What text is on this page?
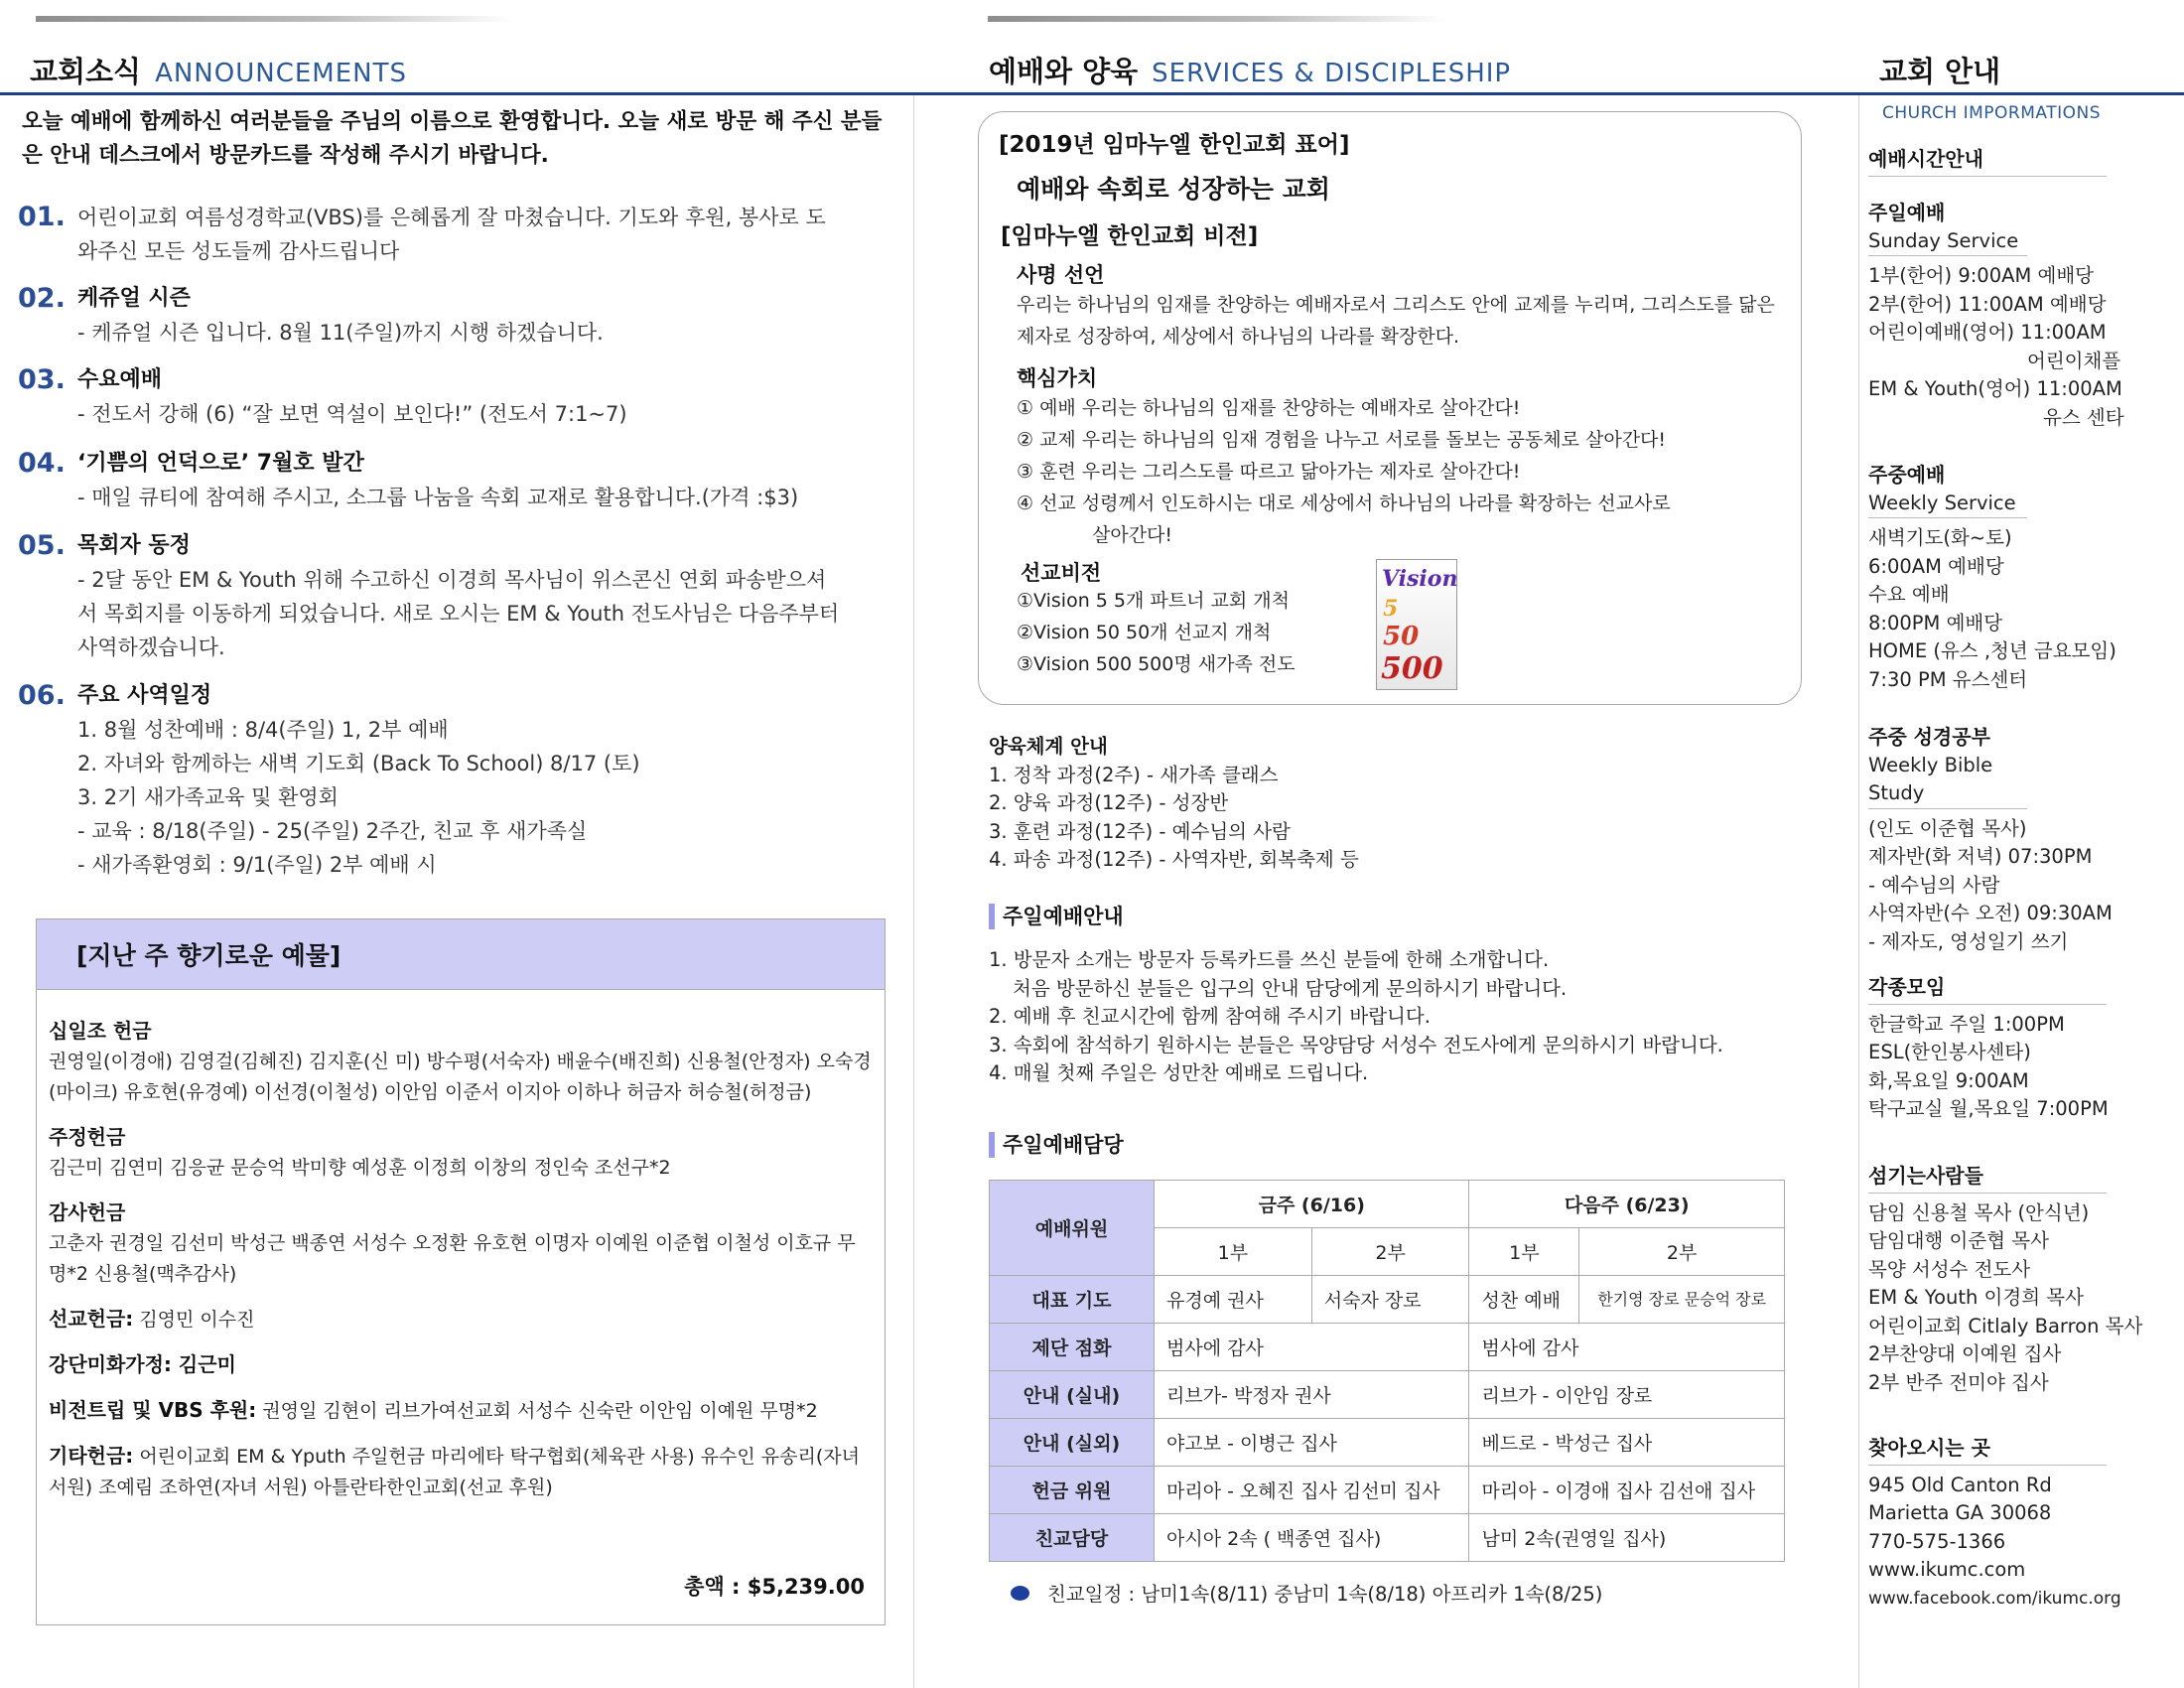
교회소식 ANNOUNCEMENTS	예배와 양육 SERVICES & DISCIPLESHIP	교회 안내
CHURCH IMPORMATIONS
오늘 예배에 함께하신 여러분들을 주님의 이름으로 환영합니다. 오늘 새로 방문 해 주신 분들은 안내 데스크에서 방문카드를 작성해 주시기 바랍니다.
01. 어린이교회 여름성경학교(VBS)를 은혜롭게 잘 마쳤습니다. 기도와 후원, 봉사로 도
와주신 모든 성도들께 감사드립니다
02. 케쥬얼 시즌
- 케쥬얼 시즌 입니다. 8월 11(주일)까지 시행 하겠습니다.
03. 수요예배
- 전도서 강해 (6) “잘 보면 역설이 보인다!” (전도서 7:1~7)
04. ‘기쁨의 언덕으로’ 7월호 발간
- 매일 큐티에 참여해 주시고, 소그룹 나눔을 속회 교재로 활용합니다.(가격 :$3)
05. 목회자 동정
- 2달 동안 EM & Youth 위해 수고하신 이경희 목사님이 위스콘신 연회 파송받으셔
서 목회지를 이동하게 되었습니다. 새로 오시는 EM & Youth 전도사님은 다음주부터
사역하겠습니다.
06. 주요 사역일정
1. 8월 성찬예배 : 8/4(주일) 1, 2부 예배
2. 자녀와 함께하는 새벽 기도회 (Back To School) 8/17 (토)
3. 2기 새가족교육 및 환영회
- 교육 : 8/18(주일) - 25(주일) 2주간, 친교 후 새가족실
- 새가족환영회 : 9/1(주일) 2부 예배 시
[지난 주 향기로운 예물]
십일조 헌금
권영일(이경애) 김영걸(김혜진) 김지훈(신 미) 방수평(서숙자) 배윤수(배진희) 신용철(안정자) 오숙경(마이크) 유호현(유경예) 이선경(이철성) 이안임 이준서 이지아 이하나 허금자 허승철(허정금)
주정헌금
김근미 김연미 김응균 문승억 박미향 예성훈 이정희 이창의 정인숙 조선구*2
감사헌금
고춘자 권경일 김선미 박성근 백종연 서성수 오정환 유호현 이명자 이예원 이준협 이철성 이호규 무명*2 신용철(맥추감사)
선교헌금: 김영민 이수진
강단미화가정: 김근미
비전트립 및 VBS 후원: 권영일 김현이 리브가여선교회 서성수 신숙란 이안임 이예원 무명*2
기타헌금: 어린이교회 EM & Yputh 주일헌금 마리에타 탁구협회(체육관 사용) 유수인 유송리(자녀 서원) 조예림 조하연(자녀 서원) 아틀란타한인교회(선교 후원)
총액 : $5,239.00
[2019년 임마누엘 한인교회 표어]
예배와 속회로 성장하는 교회
[임마누엘 한인교회 비전]
사명 선언
우리는 하나님의 임재를 찬양하는 예배자로서 그리스도 안에 교제를 누리며, 그리스도를 닮은 제자로 성장하여, 세상에서 하나님의 나라를 확장한다.
핵심가치
① 예배 우리는 하나님의 임재를 찬양하는 예배자로 살아간다!
② 교제 우리는 하나님의 임재 경험을 나누고 서로를 돌보는 공동체로 살아간다!
③ 훈련 우리는 그리스도를 따르고 닮아가는 제자로 살아간다!
④ 선교 성령께서 인도하시는 대로 세상에서 하나님의 나라를 확장하는 선교사로
살아간다!
선교비전
①Vision 5 5개 파트너 교회 개척
②Vision 50 50개 선교지 개척
③Vision 500 500명 새가족 전도
Vision
5
50
500
양육체계 안내
1. 정착 과정(2주) - 새가족 클래스
2. 양육 과정(12주) - 성장반
3. 훈련 과정(12주) - 예수님의 사람
4. 파송 과정(12주) - 사역자반, 회복축제 등
주일예배안내
1. 방문자 소개는 방문자 등록카드를 쓰신 분들에 한해 소개합니다.
처음 방문하신 분들은 입구의 안내 담당에게 문의하시기 바랍니다.
2. 예배 후 친교시간에 함께 참여해 주시기 바랍니다.
3. 속회에 참석하기 원하시는 분들은 목양담당 서성수 전도사에게 문의하시기 바랍니다.
4. 매월 첫째 주일은 성만찬 예배로 드립니다.
주일예배담당
예배위원	금주 (6/16)		다음주 (6/23)	
	1부	2부	1부	2부
대표 기도	유경예 권사	서숙자 장로	성찬 예배	한기영 장로 문승억 장로
제단 점화	범사에 감사		범사에 감사	
안내 (실내)	리브가- 박정자 권사		리브가 - 이안임 장로	
안내 (실외)	야고보 - 이병근 집사		베드로 - 박성근 집사	
헌금 위원	마리아 - 오혜진 집사 김선미 집사		마리아 - 이경애 집사 김선애 집사	
친교담당	아시아 2속 ( 백종연 집사)		남미 2속(권영일 집사)	
친교일정 : 남미1속(8/11) 중남미 1속(8/18) 아프리카 1속(8/25)
예배시간안내
주일예배
Sunday Service
1부(한어) 9:00AM 예배당
2부(한어) 11:00AM 예배당
어린이예배(영어) 11:00AM
어린이채플
EM & Youth(영어) 11:00AM
유스 센타
주중예배
Weekly Service
새벽기도(화~토)
6:00AM 예배당
수요 예배
8:00PM 예배당
HOME (유스 ,청년 금요모임)
7:30 PM 유스센터
주중 성경공부
Weekly Bible Study
(인도 이준협 목사)
제자반(화 저녁) 07:30PM
- 예수님의 사람
사역자반(수 오전) 09:30AM
- 제자도, 영성일기 쓰기
각종모임
한글학교 주일 1:00PM
ESL(한인봉사센타)
화,목요일 9:00AM
탁구교실 월,목요일 7:00PM
섬기는사람들
담임 신용철 목사 (안식년)
담임대행 이준협 목사
목양 서성수 전도사
EM & Youth 이경희 목사
어린이교회 Citlaly Barron 목사
2부찬양대 이예원 집사
2부 반주 전미야 집사
찾아오시는 곳
945 Old Canton Rd
Marietta GA 30068
770-575-1366
www.ikumc.com
www.facebook.com/ikumc.org
